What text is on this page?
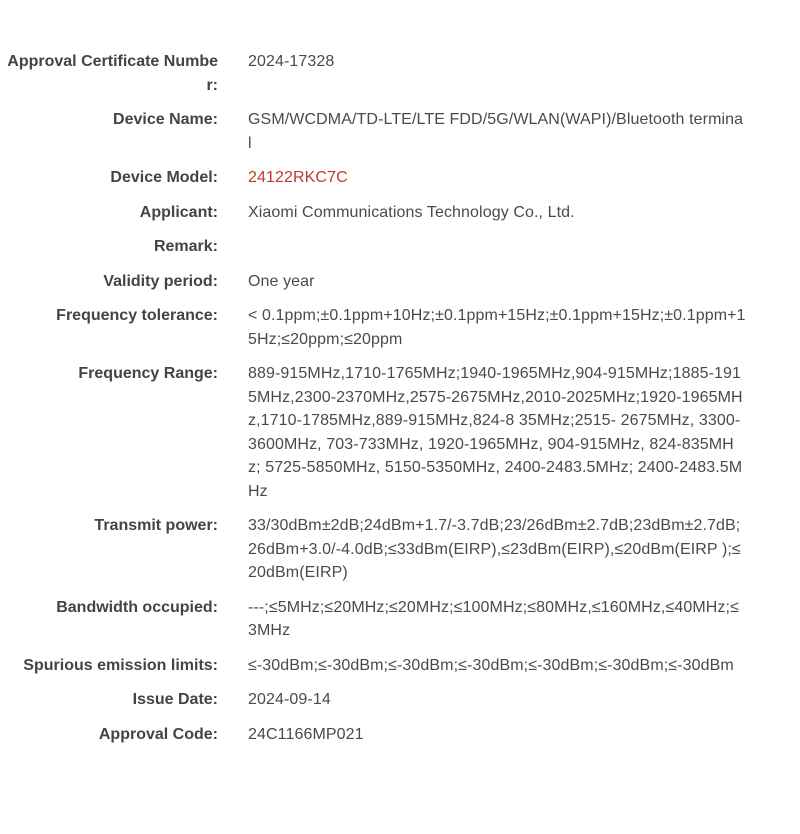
Approval Certificate Number:
2024-17328
Device Name: GSM/WCDMA/TD-LTE/LTE FDD/5G/WLAN(WAPI)/Bluetooth terminal
Device Model: 24122RKC7C
Applicant: Xiaomi Communications Technology Co., Ltd.
Remark:
Validity period: One year
Frequency tolerance: < 0.1ppm;±0.1ppm+10Hz;±0.1ppm+15Hz;±0.1ppm+15Hz;±0.1ppm+15Hz;≤20ppm;≤20ppm
Frequency Range: 889-915MHz,1710-1765MHz;1940-1965MHz,904-915MHz;1885-1915MHz,2300-2370MHz,2575-2675MHz,2010-2025MHz;1920-1965MHz,1710-1785MHz,889-915MHz,824-8 35MHz;2515- 2675MHz, 3300-3600MHz, 703-733MHz, 1920-1965MHz, 904-915MHz, 824-835MHz; 5725-5850MHz, 5150-5350MHz, 2400-2483.5MHz; 2400-2483.5MHz
Transmit power: 33/30dBm±2dB;24dBm+1.7/-3.7dB;23/26dBm±2.7dB;23dBm±2.7dB;26dBm+3.0/-4.0dB;≤33dBm(EIRP),≤23dBm(EIRP),≤20dBm(EIRP );≤20dBm(EIRP)
Bandwidth occupied: ---;≤5MHz;≤20MHz;≤20MHz;≤100MHz;≤80MHz,≤160MHz,≤40MHz;≤3MHz
Spurious emission limits: ≤-30dBm;≤-30dBm;≤-30dBm;≤-30dBm;≤-30dBm;≤-30dBm;≤-30dBm
Issue Date: 2024-09-14
Approval Code: 24C1166MP021
